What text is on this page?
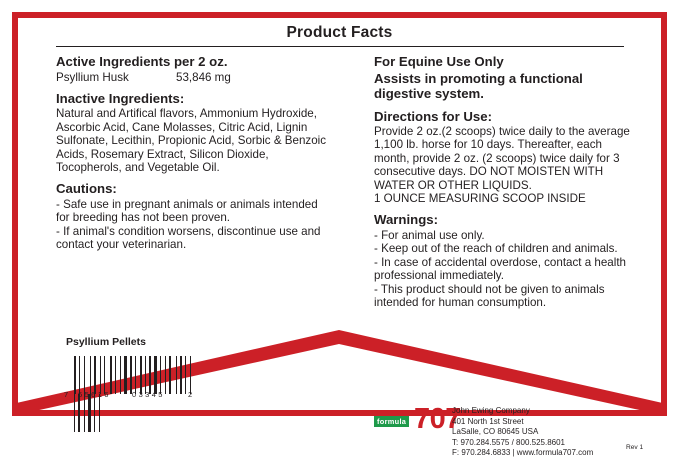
Product Facts
Active Ingredients per 2 oz.
Psyllium Husk	53,846 mg
Inactive Ingredients:
Natural and Artifical flavors, Ammonium Hydroxide, Ascorbic Acid, Cane Molasses, Citric Acid, Lignin Sulfonate, Lecithin, Propionic Acid, Sorbic & Benzoic Acids, Rosemary Extract, Silicon Dioxide, Tocopherols, and Vegetable Oil.
Cautions:
- Safe use in pregnant animals or animals intended for breeding has not been proven.
- If animal's condition worsens, discontinue use and contact your veterinarian.
For Equine Use Only
Assists in promoting a functional digestive system.
Directions for Use:
Provide 2 oz.(2 scoops) twice daily to the average 1,100 lb. horse for 10 days. Thereafter, each month, provide 2 oz. (2 scoops) twice daily for 3 consecutive days. DO NOT MOISTEN WITH WATER OR OTHER LIQUIDS.
1 OUNCE MEASURING SCOOP INSIDE
Warnings:
- For animal use only.
- Keep out of the reach of children and animals.
- In case of accidental overdose, contact a health professional immediately.
- This product should not be given to animals intended for human consumption.
Psyllium Pellets
7 65616	03345	2
formula 707
John Ewing Company
401 North 1st Street
LaSalle, CO 80645 USA
T: 970.284.5575 / 800.525.8601
F: 970.284.6833 | www.formula707.com
Rev 1
